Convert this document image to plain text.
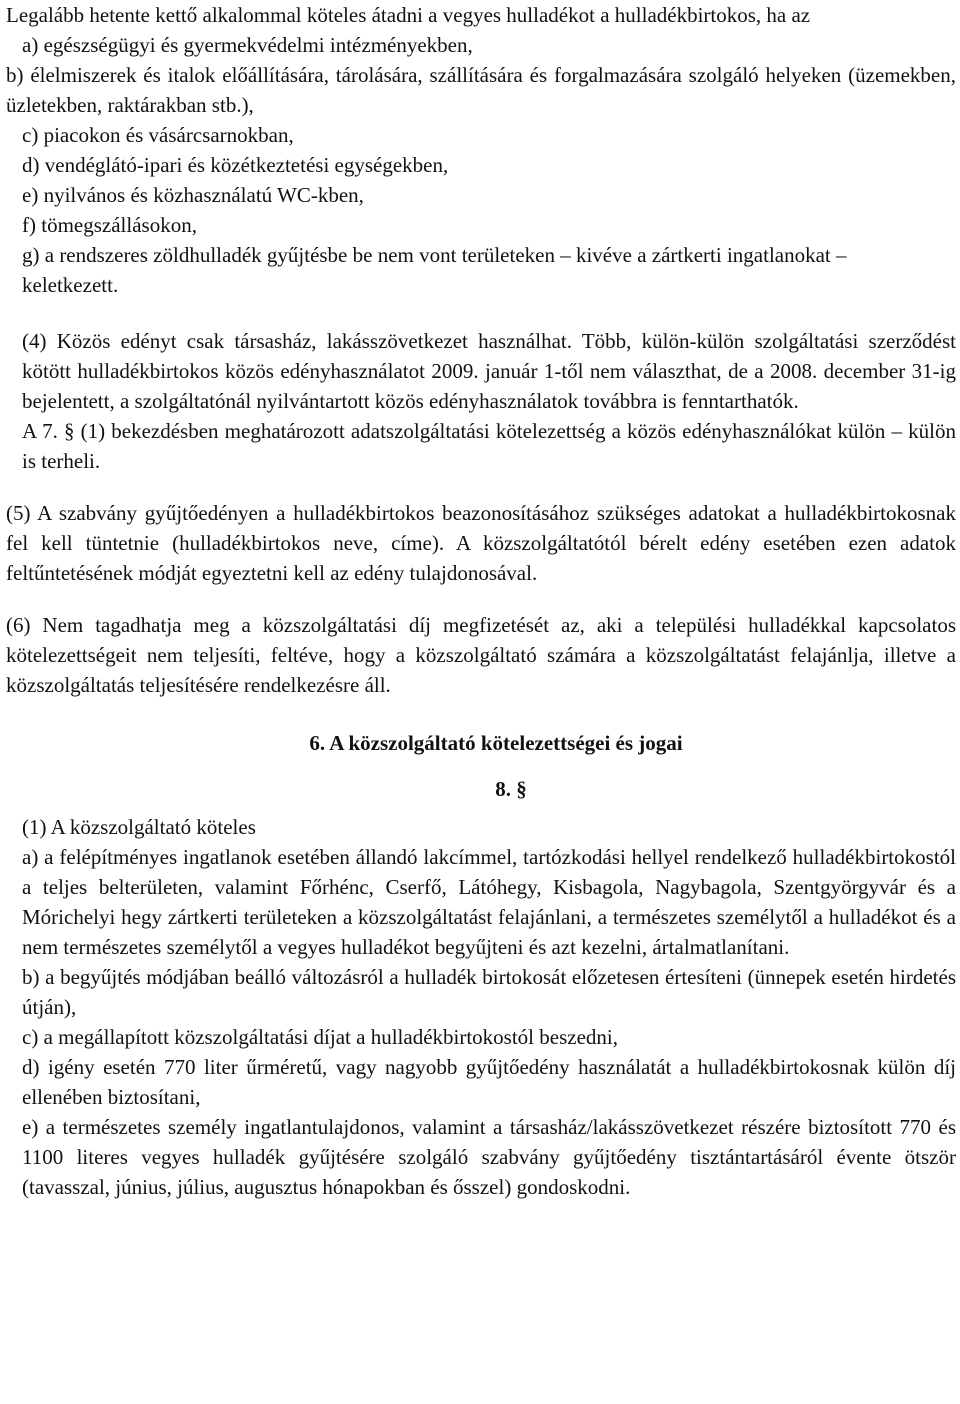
Legalább hetente kettő alkalommal köteles átadni a vegyes hulladékot a hulladékbirtokos, ha az

a) egészségügyi és gyermekvédelmi intézményekben,

b) élelmiszerek és italok előállítására, tárolására, szállítására és forgalmazására szolgáló helyeken (üzemekben, üzletekben, raktárakban stb.),

c) piacokon és vásárcsarnokban,

d) vendéglátó-ipari és közétkeztetési egységekben,

e) nyilvános és közhasználatú WC-kben,

f) tömegszállásokon,

g) a rendszeres zöldhulladék gyűjtésbe be nem vont területeken – kivéve a zártkerti ingatlanokat –

keletkezett.

(4) Közös edényt csak társasház, lakásszövetkezet használhat. Több, külön-külön szolgáltatási szerződést kötött hulladékbirtokos közös edényhasználatot 2009. január 1-től nem választhat, de a 2008. december 31-ig bejelentett, a szolgáltatónál nyilvántartott közös edényhasználatok továbbra is fenntarthatók.

A 7. § (1) bekezdésben meghatározott adatszolgáltatási kötelezettség a közös edényhasználókat külön – külön is terheli.

(5) A szabvány gyűjtőedényen a hulladékbirtokos beazonosításához szükséges adatokat a hulladékbirtokosnak fel kell tüntetnie (hulladékbirtokos neve, címe). A közszolgáltatótól bérelt edény esetében ezen adatok feltűntetésének módját egyeztetni kell az edény tulajdonosával.

(6) Nem tagadhatja meg a közszolgáltatási díj megfizetését az, aki a települési hulladékkal kapcsolatos kötelezettségeit nem teljesíti, feltéve, hogy a közszolgáltató számára a közszolgáltatást felajánlja, illetve a közszolgáltatás teljesítésére rendelkezésre áll.

6. A közszolgáltató kötelezettségei és jogai

8. §

(1) A közszolgáltató köteles

a) a felépítményes ingatlanok esetében állandó lakcímmel, tartózkodási hellyel rendelkező hulladékbirtokostól a teljes belterületen, valamint Főrhénc, Cserfő, Látóhegy, Kisbagola, Nagybagola, Szentgyörgyvár és a Mórichelyi hegy zártkerti területeken a közszolgáltatást felajánlani, a természetes személytől a hulladékot és a nem természetes személytől a vegyes hulladékot begyűjteni és azt kezelni, ártalmatlanítani.

b) a begyűjtés módjában beálló változásról a hulladék birtokosát előzetesen értesíteni (ünnepek esetén hirdetés útján),

c) a megállapított közszolgáltatási díjat a hulladékbirtokostól beszedni,

d) igény esetén 770 liter űrméretű, vagy nagyobb gyűjtőedény használatát a hulladékbirtokosnak külön díj ellenében biztosítani,

e) a természetes személy ingatlantulajdonos, valamint a társasház/lakásszövetkezet részére biztosított 770 és 1100 literes vegyes hulladék gyűjtésére szolgáló szabvány gyűjtőedény tisztántartásáról évente ötször (tavasszal, június, július, augusztus hónapokban és ősszel) gondoskodni.
